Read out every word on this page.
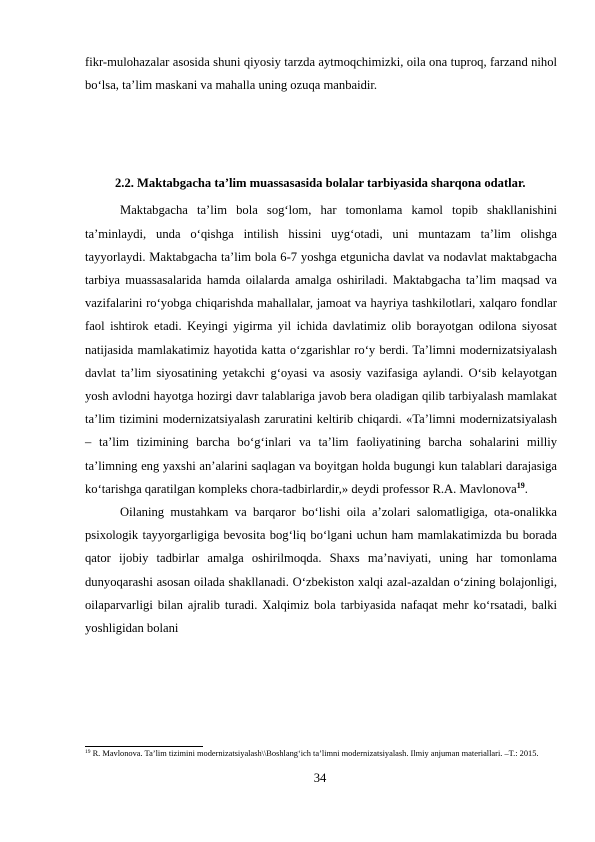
fikr-mulohazalar asosida shuni qiyosiy tarzda aytmoqchimizki, oila ona tuproq, farzand nihol bo‘lsa, ta’lim maskani va mahalla uning ozuqa manbaidir.

2.2. Maktabgacha ta’lim muassasasida bolalar tarbiyasida sharqona odatlar.

Maktabgacha ta’lim bola sog‘lom, har tomonlama kamol topib shakllanishini ta’minlaydi, unda o‘qishga intilish hissini uyg‘otadi, uni muntazam ta’lim olishga tayyorlaydi. Maktabgacha ta’lim bola 6-7 yoshga etgunicha davlat va nodavlat maktabgacha tarbiya muassasalarida hamda oilalarda amalga oshiriladi. Maktabgacha ta’lim maqsad va vazifalarini ro‘yobga chiqarishda mahallalar, jamoat va hayriya tashkilotlari, xalqaro fondlar faol ishtirok etadi. Keyingi yigirma yil ichida davlatimiz olib borayotgan odilona siyosat natijasida mamlakatimiz hayotida katta o‘zgarishlar ro‘y berdi. Ta’limni modernizatsiyalash davlat ta’lim siyosatining yetakchi g‘oyasi va asosiy vazifasiga aylandi. O‘sib kelayotgan yosh avlodni hayotga hozirgi davr talablariga javob bera oladigan qilib tarbiyalash mamlakat ta’lim tizimini modernizatsiyalash zaruratini keltirib chiqardi. «Ta’limni modernizatsiyalash – ta’lim tizimining barcha bo‘g‘inlari va ta’lim faoliyatining barcha sohalarini milliy ta’limning eng yaxshi an’alarini saqlagan va boyitgan holda bugungi kun talablari darajasiga ko‘tarishga qaratilgan kompleks chora-tadbirlardir,» deydi professor R.A. Mavlonova$^{19}$.

Oilaning mustahkam va barqaror bo‘lishi oila a’zolari salomatligiga, ota-onalikka psixologik tayyorgarligiga bevosita bog‘liq bo‘lgani uchun ham mamlakatimizda bu borada qator ijobiy tadbirlar amalga oshirilmoqda. Shaxs ma’naviyati, uning har tomonlama dunyoqarashi asosan oilada shakllanadi. O‘zbekiston xalqi azal-azaldan o‘zining bolajonligi, oilaparvarligi bilan ajralib turadi. Xalqimiz bola tarbiyasida nafaqat mehr ko‘rsatadi, balki yoshligidan bolani

$^{19}$ R. Mavlonova. Ta’lim tizimini modernizatsiyalash\\Boshlang‘ich ta’limni modernizatsiyalash. Ilmiy anjuman materiallari. –T.: 2015.
34
